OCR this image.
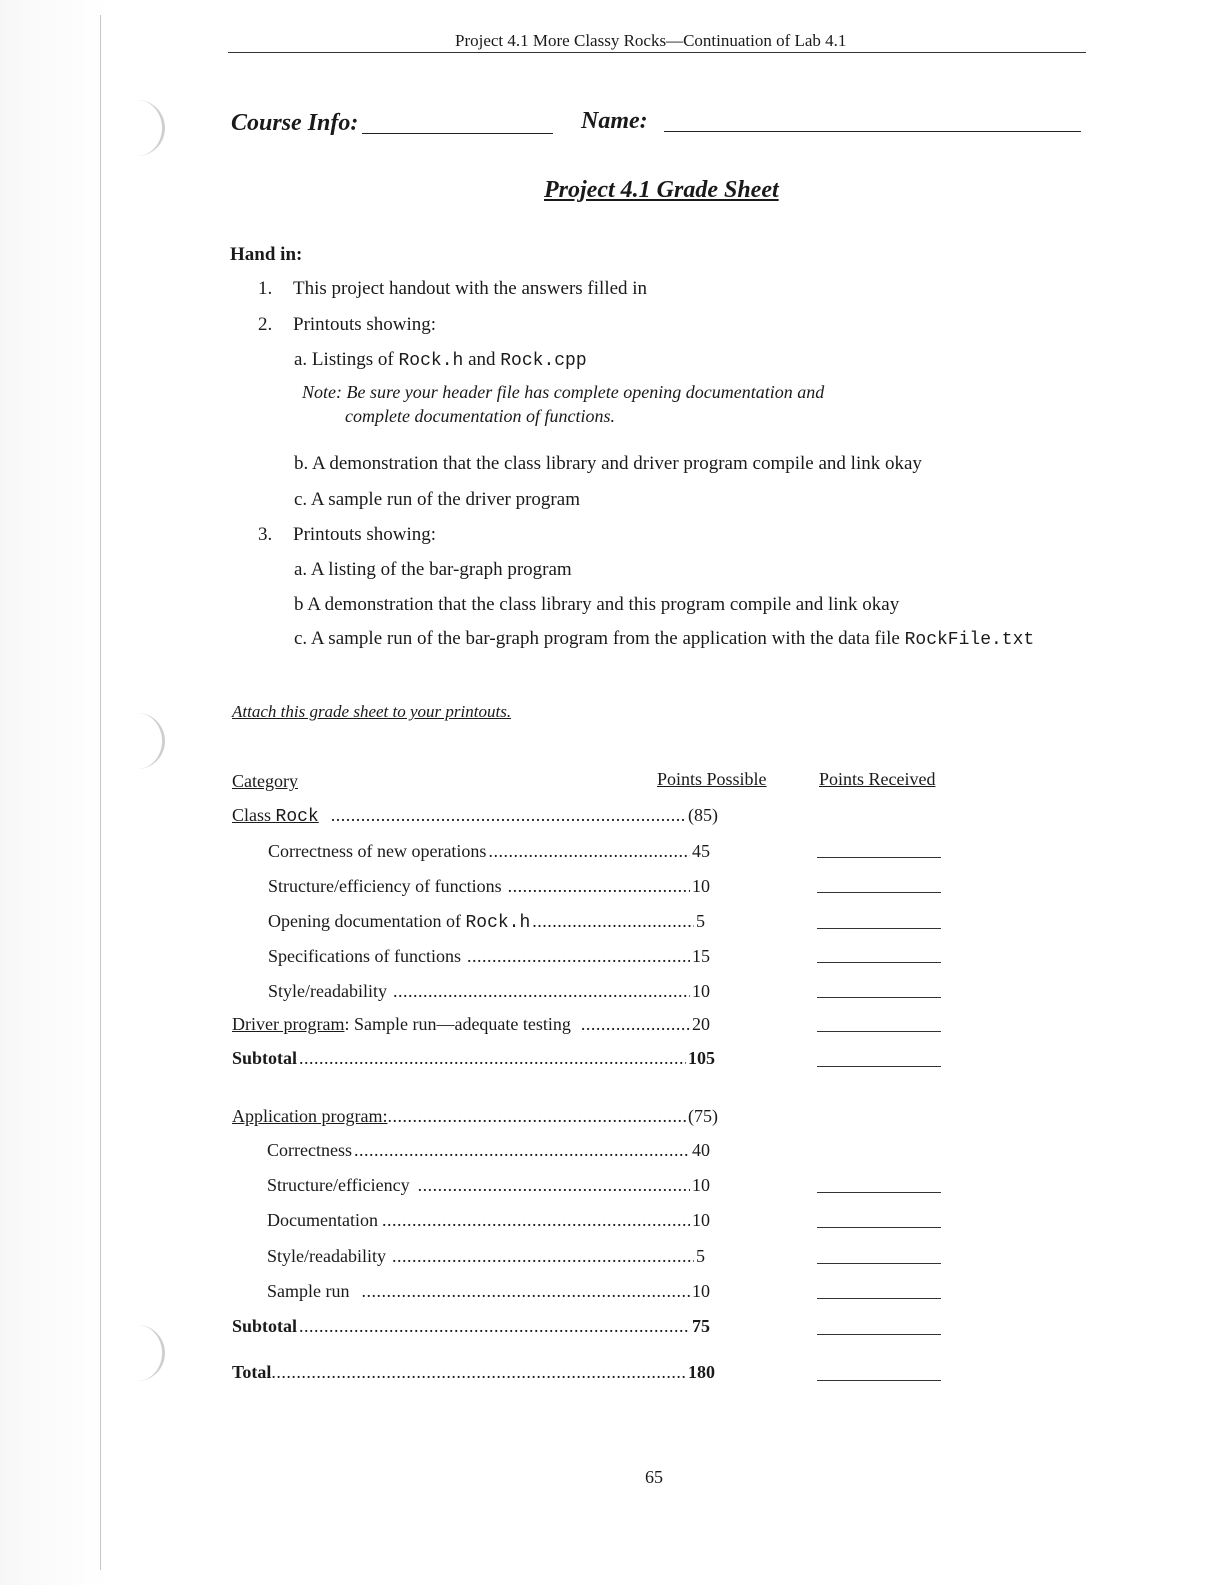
Project 4.1 More Classy Rocks—Continuation of Lab 4.1
Course Info:	Name:
Project 4.1 Grade Sheet
Hand in:
1. This project handout with the answers filled in
2. Printouts showing:
a. Listings of Rock.h and Rock.cpp
Note: Be sure your header file has complete opening documentation and
complete documentation of functions.
b. A demonstration that the class library and driver program compile and link okay
c. A sample run of the driver program
3. Printouts showing:
a. A listing of the bar-graph program
b A demonstration that the class library and this program compile and link okay
c. A sample run of the bar-graph program from the application with the data file RockFile.txt
Attach this grade sheet to your printouts.
Category	Points Possible	Points Received
Class Rock .....	(85)
Correctness of new operations .....	45
Structure/efficiency of functions .....	10
Opening documentation of Rock.h .....	5
Specifications of functions .....	15
Style/readability .....	10
Driver program: Sample run—adequate testing .....	20
Subtotal .....	105
Application program: .....	(75)
Correctness .....	40
Structure/efficiency .....	10
Documentation .....	10
Style/readability .....	5
Sample run .....	10
Subtotal .....	75
Total .....	180
65
